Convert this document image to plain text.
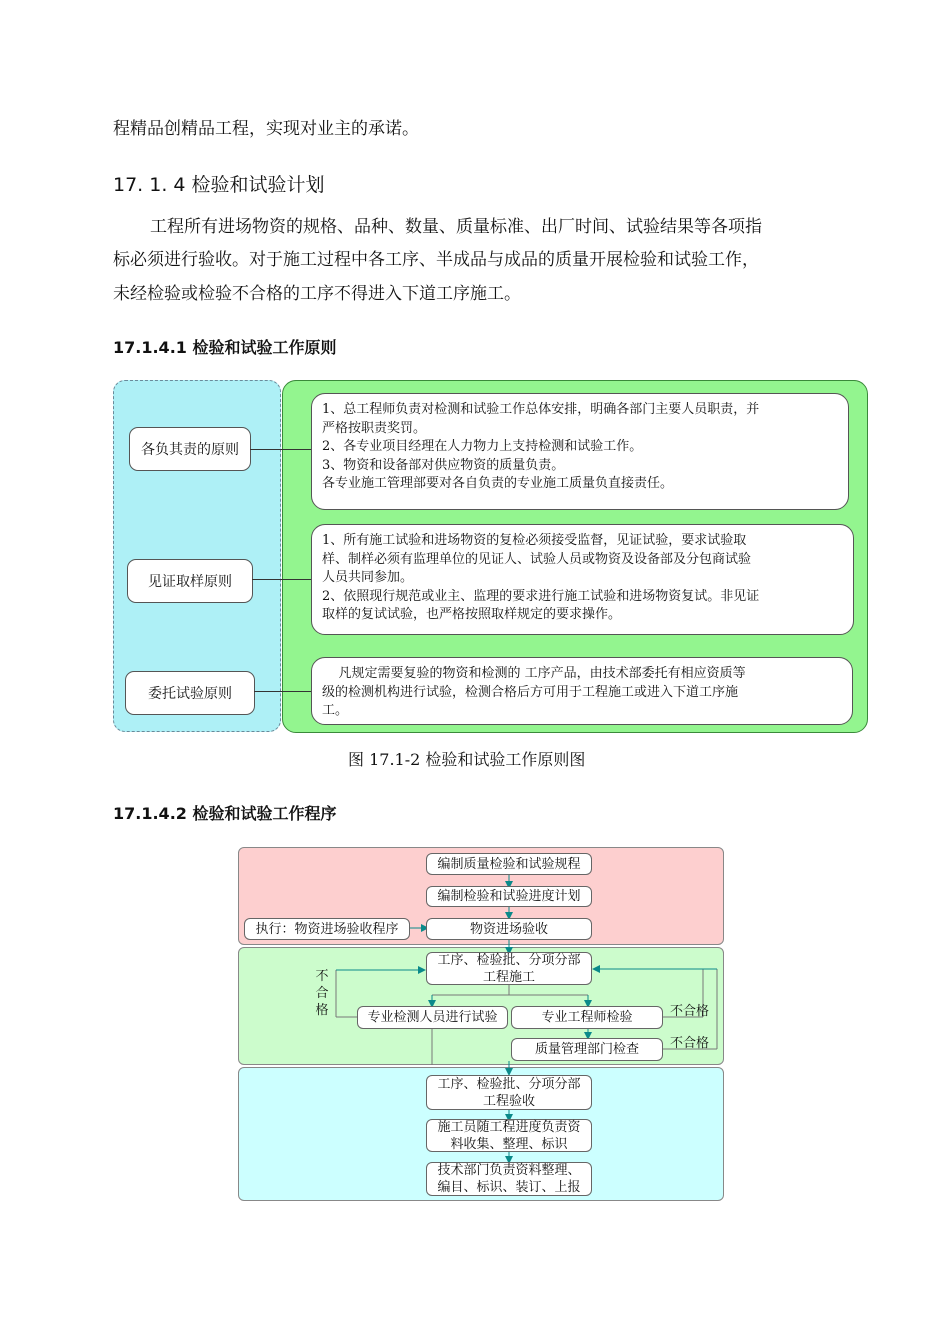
程精品创精品工程，实现对业主的承诺。
17. 1. 4 检验和试验计划
工程所有进场物资的规格、品种、数量、质量标准、出厂时间、试验结果等各项指
标必须进行验收。对于施工过程中各工序、半成品与成品的质量开展检验和试验工作，
未经检验或检验不合格的工序不得进入下道工序施工。
17.1.4.1 检验和试验工作原则
各负其责的原则

1、总工程师负责对检测和试验工作总体安排，明确各部门主要人员职责，并

严格按职责奖罚。

2、各专业项目经理在人力物力上支持检测和试验工作。

3、物资和设备部对供应物资的质量负责。

各专业施工管理部要对各自负责的专业施工质量负直接责任。

见证取样原则

1、所有施工试验和进场物资的复检必须接受监督，见证试验，要求试验取

样、制样必须有监理单位的见证人、试验人员或物资及设备部及分包商试验

人员共同参加。

2、依照现行规范或业主、监理的要求进行施工试验和进场物资复试。非见证

取样的复试试验，也严格按照取样规定的要求操作。

委托试验原则

凡规定需要复验的物资和检测的 工序产品，由技术部委托有相应资质等

级的检测机构进行试验，检测合格后方可用于工程施工或进入下道工序施

工。

图 17.1-2 检验和试验工作原则图
17.1.4.2 检验和试验工作程序
编制质量检验和试验规程
编制检验和试验进度计划
执行：物资进场验收程序	物资进场验收
工序、检验批、分项分部
工程施工
不
合
格	专业检测人员进行试验	专业工程师检验	不合格
不合格
质量管理部门检查
工序、检验批、分项分部
工程验收
施工员随工程进度负责资
料收集、整理、标识
技术部门负责资料整理、
编目、标识、装订、上报
